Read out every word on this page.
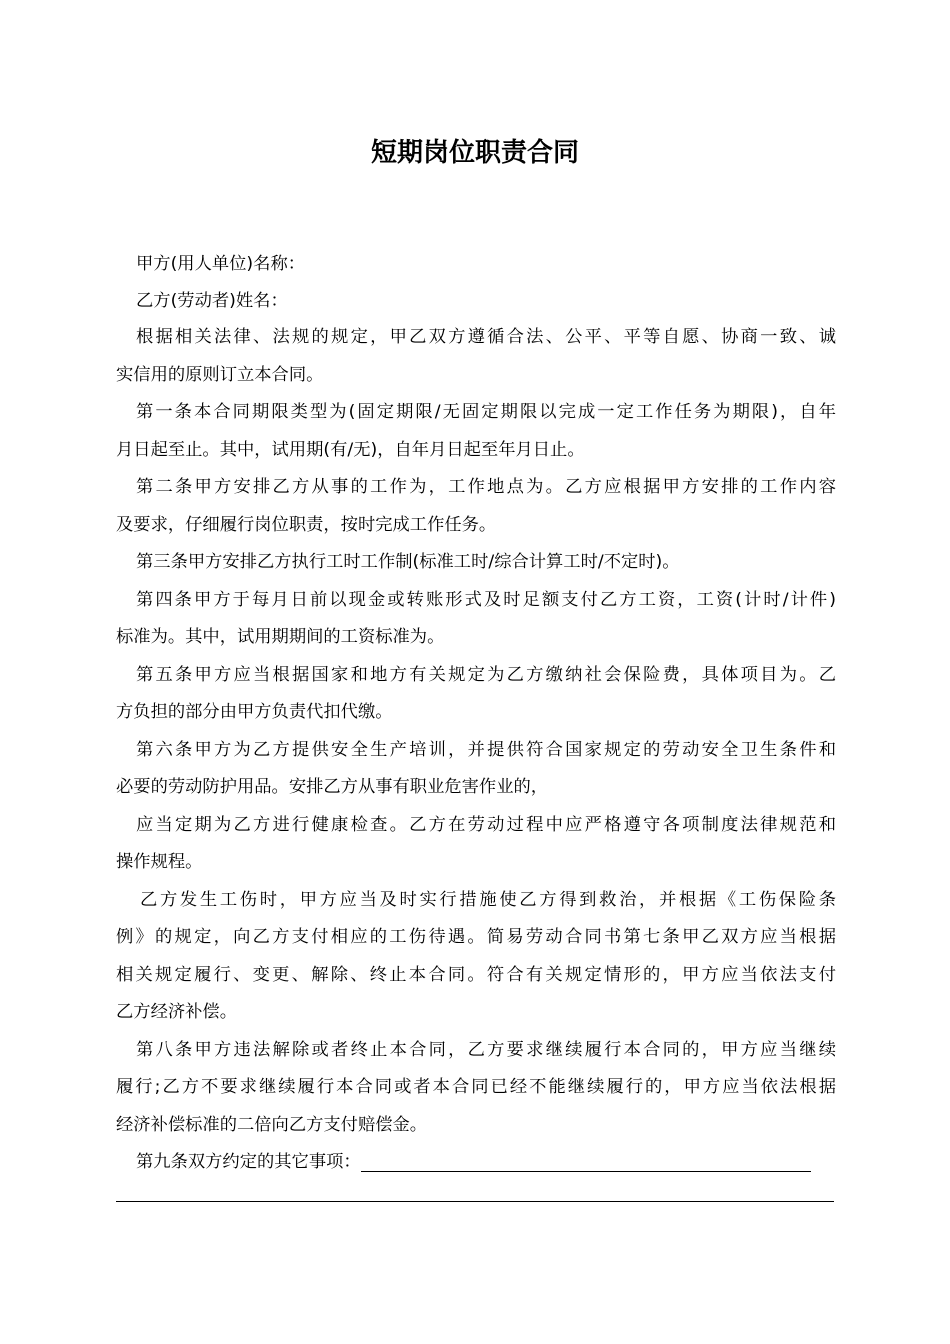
短期岗位职责合同
甲方(用人单位)名称：
乙方(劳动者)姓名：
根据相关法律、法规的规定，甲乙双方遵循合法、公平、平等自愿、协商一致、诚
实信用的原则订立本合同。
第一条本合同期限类型为(固定期限/无固定期限以完成一定工作任务为期限)，自年
月日起至止。其中，试用期(有/无)，自年月日起至年月日止。
第二条甲方安排乙方从事的工作为，工作地点为。乙方应根据甲方安排的工作内容
及要求，仔细履行岗位职责，按时完成工作任务。
第三条甲方安排乙方执行工时工作制(标准工时/综合计算工时/不定时)。
第四条甲方于每月日前以现金或转账形式及时足额支付乙方工资，工资(计时/计件)
标准为。其中，试用期期间的工资标准为。
第五条甲方应当根据国家和地方有关规定为乙方缴纳社会保险费，具体项目为。乙
方负担的部分由甲方负责代扣代缴。
第六条甲方为乙方提供安全生产培训，并提供符合国家规定的劳动安全卫生条件和
必要的劳动防护用品。安排乙方从事有职业危害作业的，
应当定期为乙方进行健康检查。乙方在劳动过程中应严格遵守各项制度法律规范和
操作规程。
乙方发生工伤时，甲方应当及时实行措施使乙方得到救治，并根据《工伤保险条
例》的规定，向乙方支付相应的工伤待遇。简易劳动合同书第七条甲乙双方应当根据
相关规定履行、变更、解除、终止本合同。符合有关规定情形的，甲方应当依法支付
乙方经济补偿。
第八条甲方违法解除或者终止本合同，乙方要求继续履行本合同的，甲方应当继续
履行;乙方不要求继续履行本合同或者本合同已经不能继续履行的，甲方应当依法根据
经济补偿标准的二倍向乙方支付赔偿金。
第九条双方约定的其它事项：
